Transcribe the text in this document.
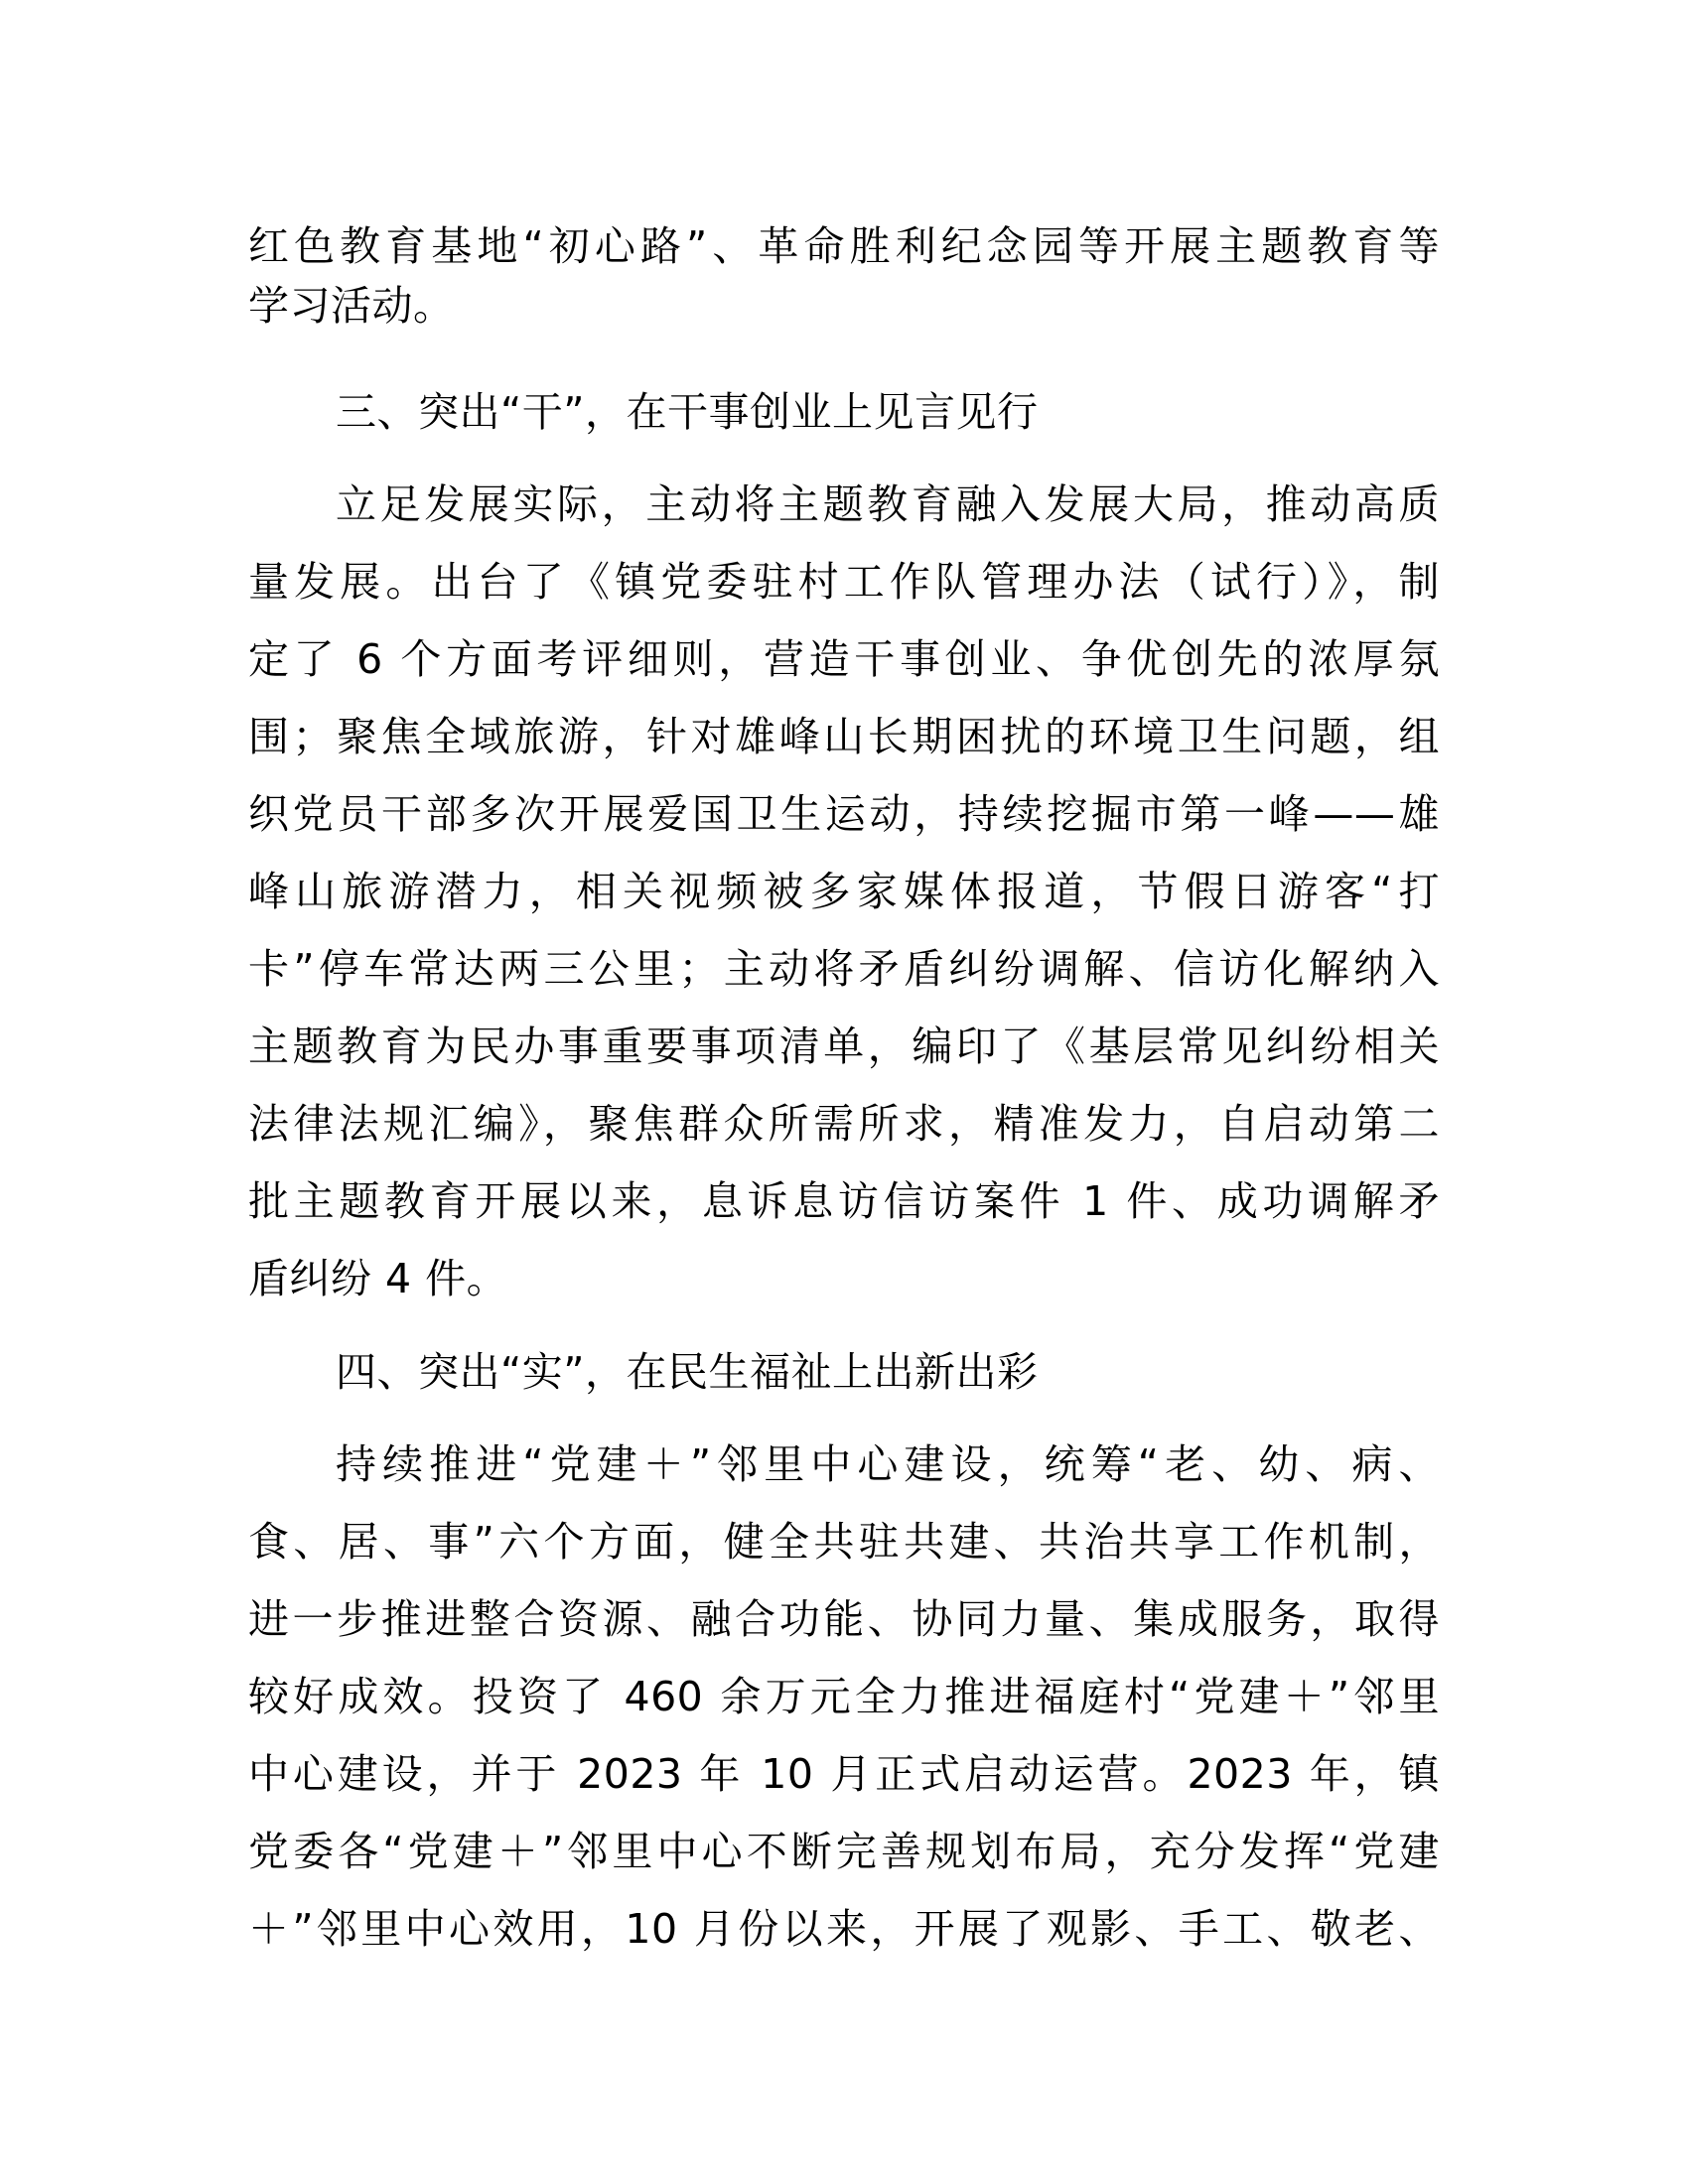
红色教育基地“初心路”、革命胜利纪念园等开展主题教育等
学习活动。
三、突出“干”，在干事创业上见言见行
立足发展实际，主动将主题教育融入发展大局，推动高质
量发展。出台了《镇党委驻村工作队管理办法（试行）》，制
定了 6 个方面考评细则，营造干事创业、争优创先的浓厚氛
围；聚焦全域旅游，针对雄峰山长期困扰的环境卫生问题，组
织党员干部多次开展爱国卫生运动，持续挖掘市第一峰——雄
峰山旅游潜力，相关视频被多家媒体报道，节假日游客“打
卡”停车常达两三公里；主动将矛盾纠纷调解、信访化解纳入
主题教育为民办事重要事项清单，编印了《基层常见纠纷相关
法律法规汇编》，聚焦群众所需所求，精准发力，自启动第二
批主题教育开展以来，息诉息访信访案件 1 件、成功调解矛
盾纠纷 4 件。
四、突出“实”，在民生福祉上出新出彩
持续推进“党建＋”邻里中心建设，统筹“老、幼、病、
食、居、事”六个方面，健全共驻共建、共治共享工作机制，
进一步推进整合资源、融合功能、协同力量、集成服务，取得
较好成效。投资了 460 余万元全力推进福庭村“党建＋”邻里
中心建设，并于 2023 年 10 月正式启动运营。2023 年，镇
党委各“党建＋”邻里中心不断完善规划布局，充分发挥“党建
＋”邻里中心效用，10 月份以来，开展了观影、手工、敬老、
